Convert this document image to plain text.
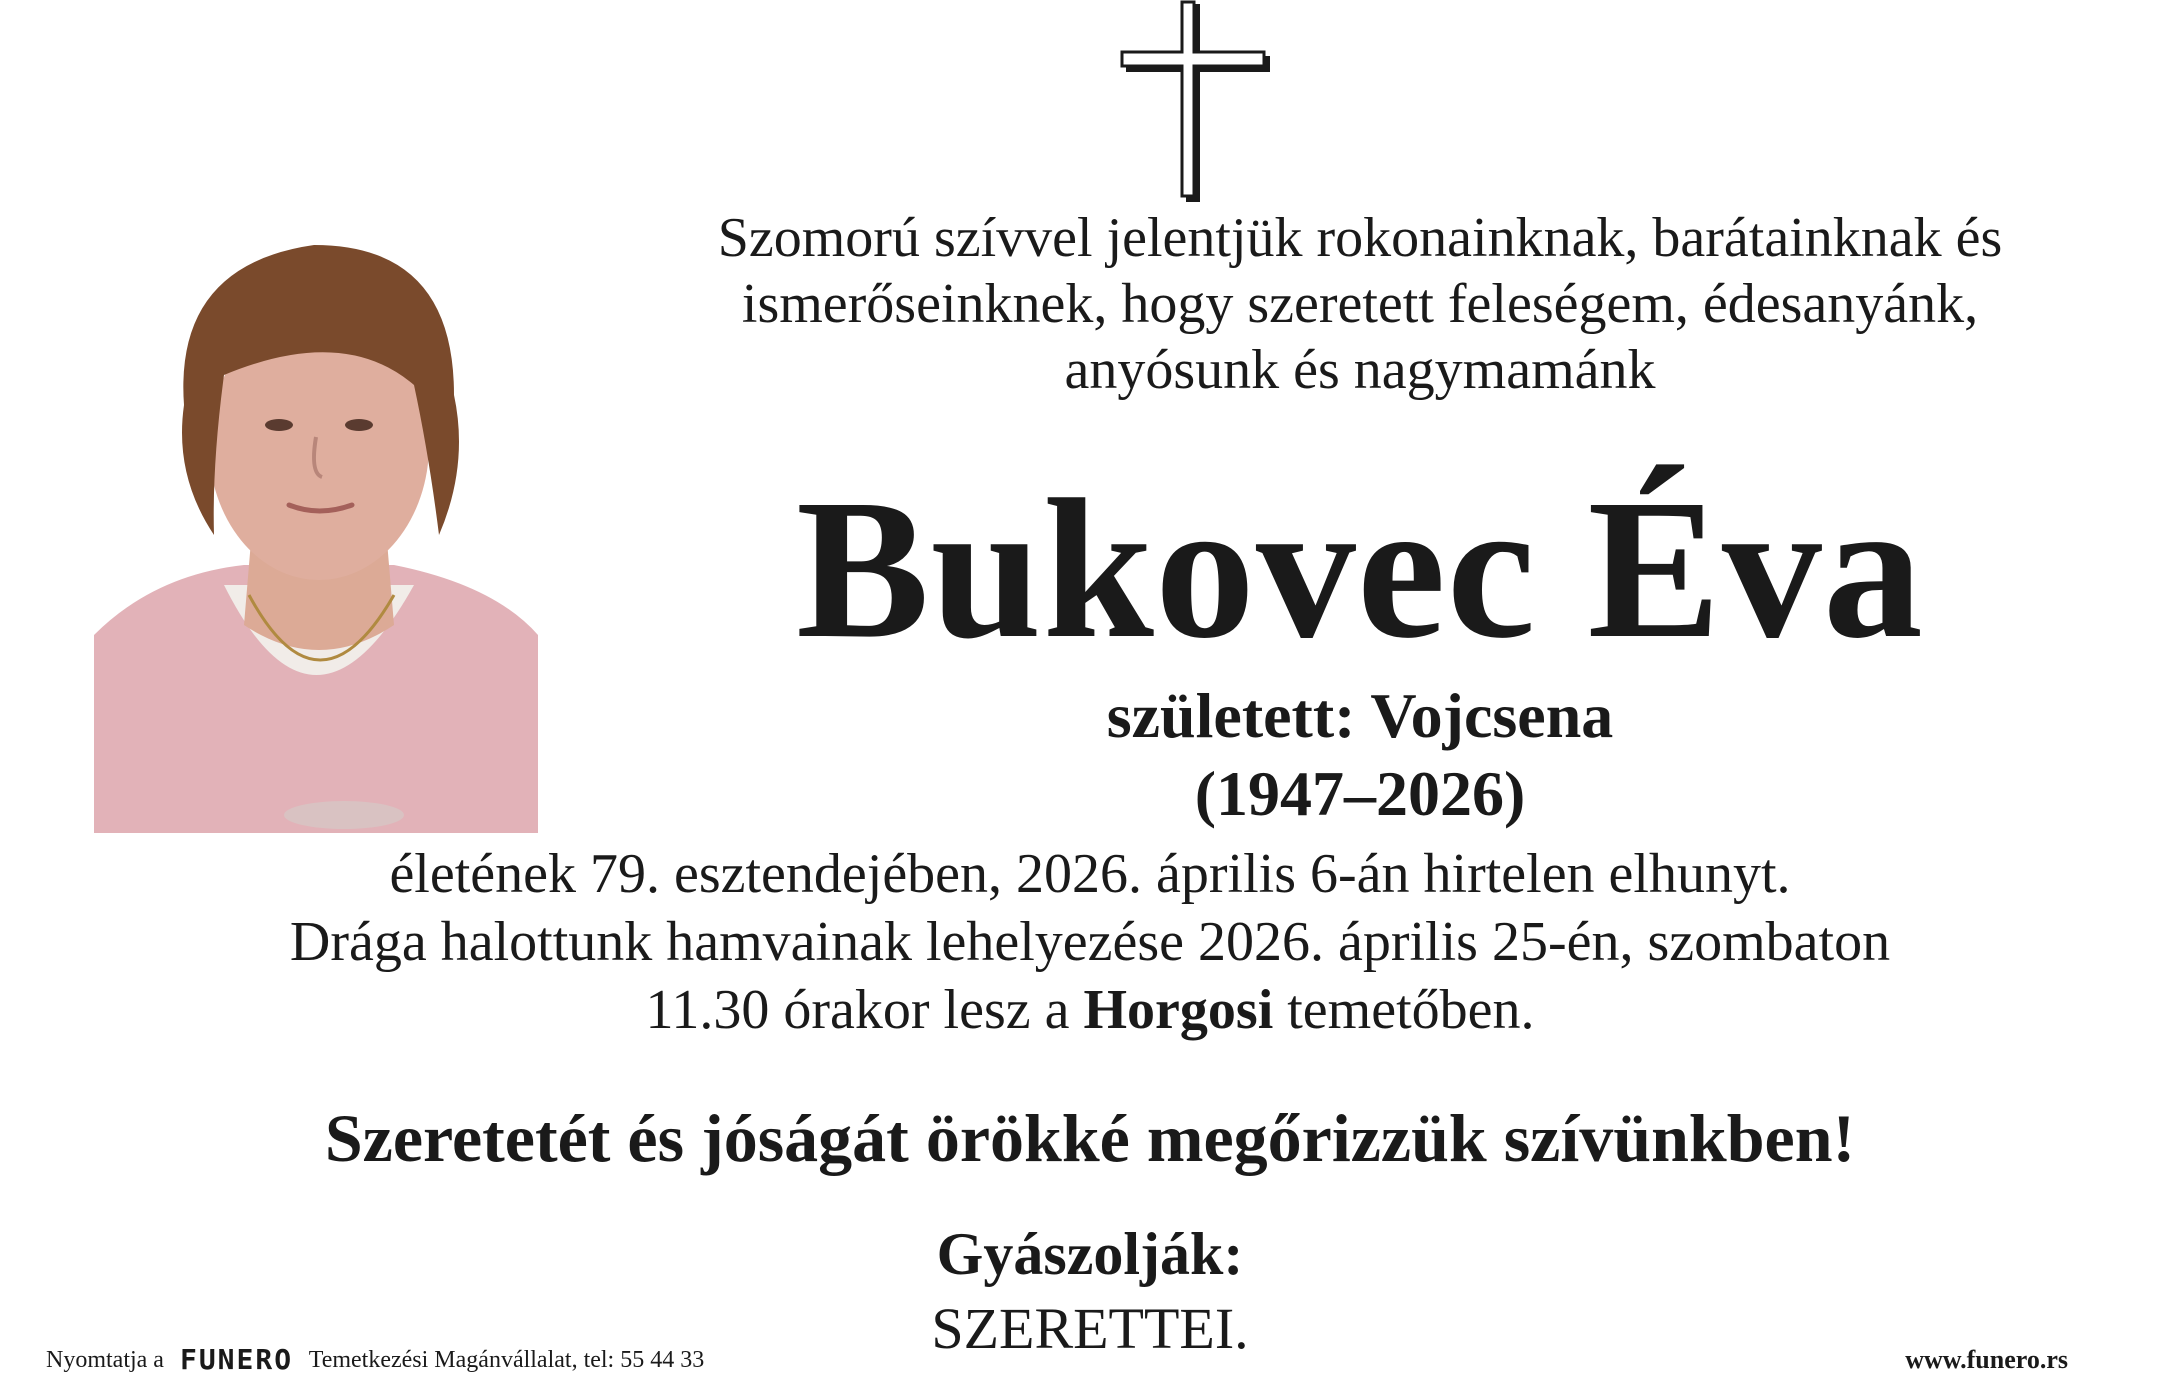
Szomorú szívvel jelentjük rokonainknak, barátainknak és
ismerőseinknek, hogy szeretett feleségem, édesanyánk,
anyósunk és nagymamánk
Bukovec Éva
született: Vojcsena
(1947–2026)
életének 79. esztendejében, 2026. április 6-án hirtelen elhunyt.
Drága halottunk hamvainak lehelyezése 2026. április 25-én, szombaton
11.30 órakor lesz a Horgosi temetőben.
Szeretetét és jóságát örökké megőrizzük szívünkben!
Gyászolják:
SZERETTEI.
Nyomtatja a FUNERO Temetkezési Magánvállalat, tel: 55 44 33	www.funero.rs
